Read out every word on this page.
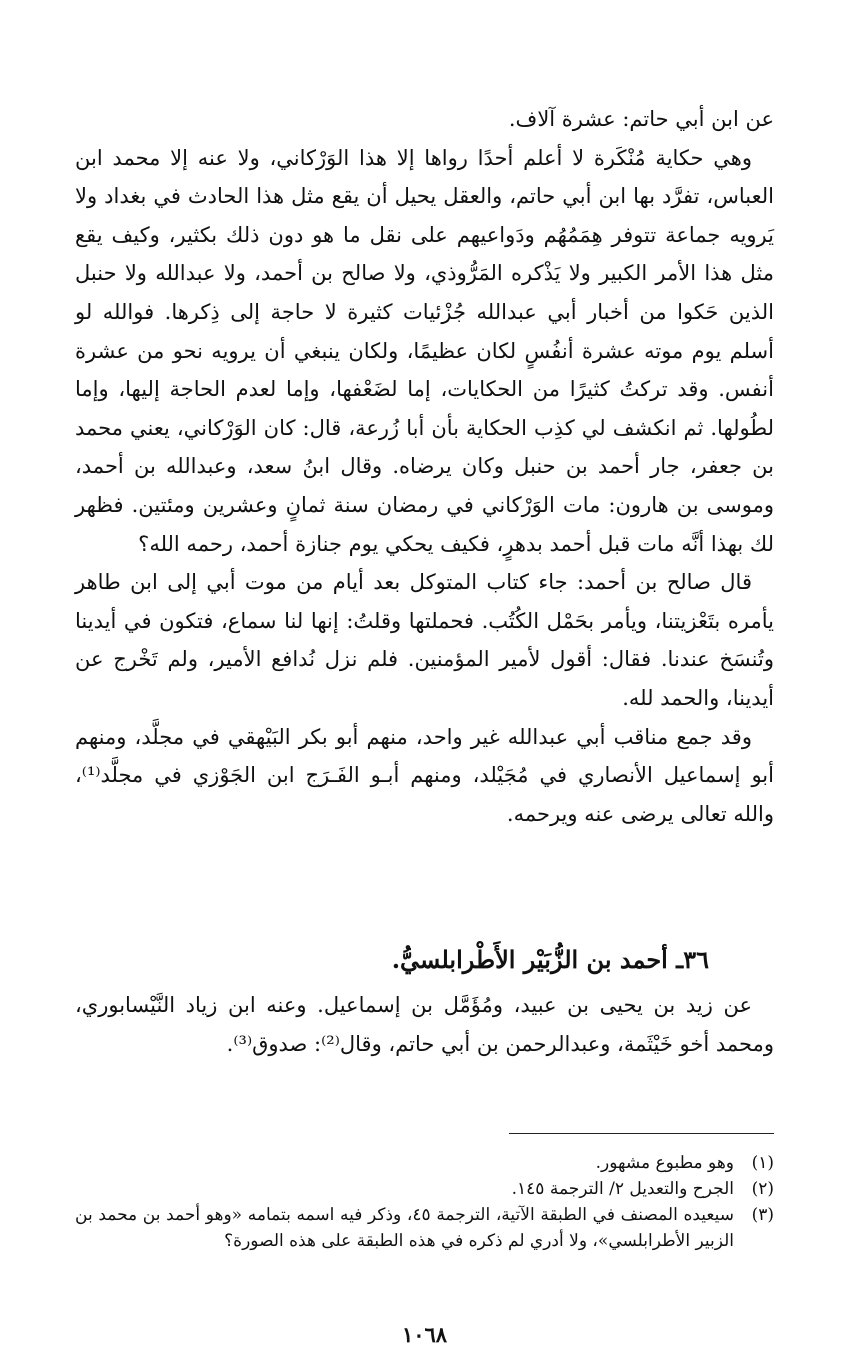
عن ابن أبي حاتم: عشرة آلاف.

وهي حكاية مُنْكَرة لا أعلم أحدًا رواها إلا هذا الوَرْكاني، ولا عنه إلا محمد ابن العباس، تفرَّد بها ابن أبي حاتم، والعقل يحيل أن يقع مثل هذا الحادث في بغداد ولا يَرويه جماعة تتوفر هِمَمُهُم ودَواعيهم على نقل ما هو دون ذلك بكثير، وكيف يقع مثل هذا الأمر الكبير ولا يَذْكره المَرُّوذي، ولا صالح بن أحمد، ولا عبدالله ولا حنبل الذين حَكوا من أخبار أبي عبدالله جُزْئيات كثيرة لا حاجة إلى ذِكرها. فوالله لو أسلم يوم موته عشرة أنفُسٍ لكان عظيمًا، ولكان ينبغي أن يرويه نحو من عشرة أنفس. وقد تركتُ كثيرًا من الحكايات، إما لضَعْفها، وإما لعدم الحاجة إليها، وإما لطُولها. ثم انكشف لي كذِب الحكاية بأن أبا زُرعة، قال: كان الوَرْكاني، يعني محمد بن جعفر، جار أحمد بن حنبل وكان يرضاه. وقال ابنُ سعد، وعبدالله بن أحمد، وموسى بن هارون: مات الوَرْكاني في رمضان سنة ثمانٍ وعشرين ومئتين. فظهر لك بهذا أنَّه مات قبل أحمد بدهرٍ، فكيف يحكي يوم جنازة أحمد، رحمه الله؟

قال صالح بن أحمد: جاء كتاب المتوكل بعد أيام من موت أبي إلى ابن طاهر يأمره بتَعْزيتنا، ويأمر بحَمْل الكُتُب. فحملتها وقلتُ: إنها لنا سماع، فتكون في أيدينا وتُنسَخ عندنا. فقال: أقول لأمير المؤمنين. فلم نزل نُدافع الأمير، ولم تَخْرج عن أيدينا، والحمد لله.

وقد جمع مناقب أبي عبدالله غير واحد، منهم أبو بكر البَيْهقي في مجلَّد، ومنهم أبو إسماعيل الأنصاري في مُجَيْلد، ومنهم أبـو الفَـرَج ابن الجَوْزي في مجلَّد⁽¹⁾، والله تعالى يرضى عنه ويرحمه.

٣٦ـ أحمد بن الزُّبَيْر الأَطْرابلسيُّ.

عن زيد بن يحيى بن عبيد، ومُؤَمَّل بن إسماعيل. وعنه ابن زياد النَّيْسابوري، ومحمد أخو خَيْثَمة، وعبدالرحمن بن أبي حاتم، وقال⁽²⁾: صدوق⁽³⁾.

(١)
وهو مطبوع مشهور.
(٢)
الجرح والتعديل ٢/ الترجمة ١٤٥.
(٣)
سيعيده المصنف في الطبقة الآتية، الترجمة ٤٥، وذكر فيه اسمه بتمامه «وهو أحمد بن محمد بن الزبير الأطرابلسي»، ولا أدري لم ذكره في هذه الطبقة على هذه الصورة؟
١٠٦٨
